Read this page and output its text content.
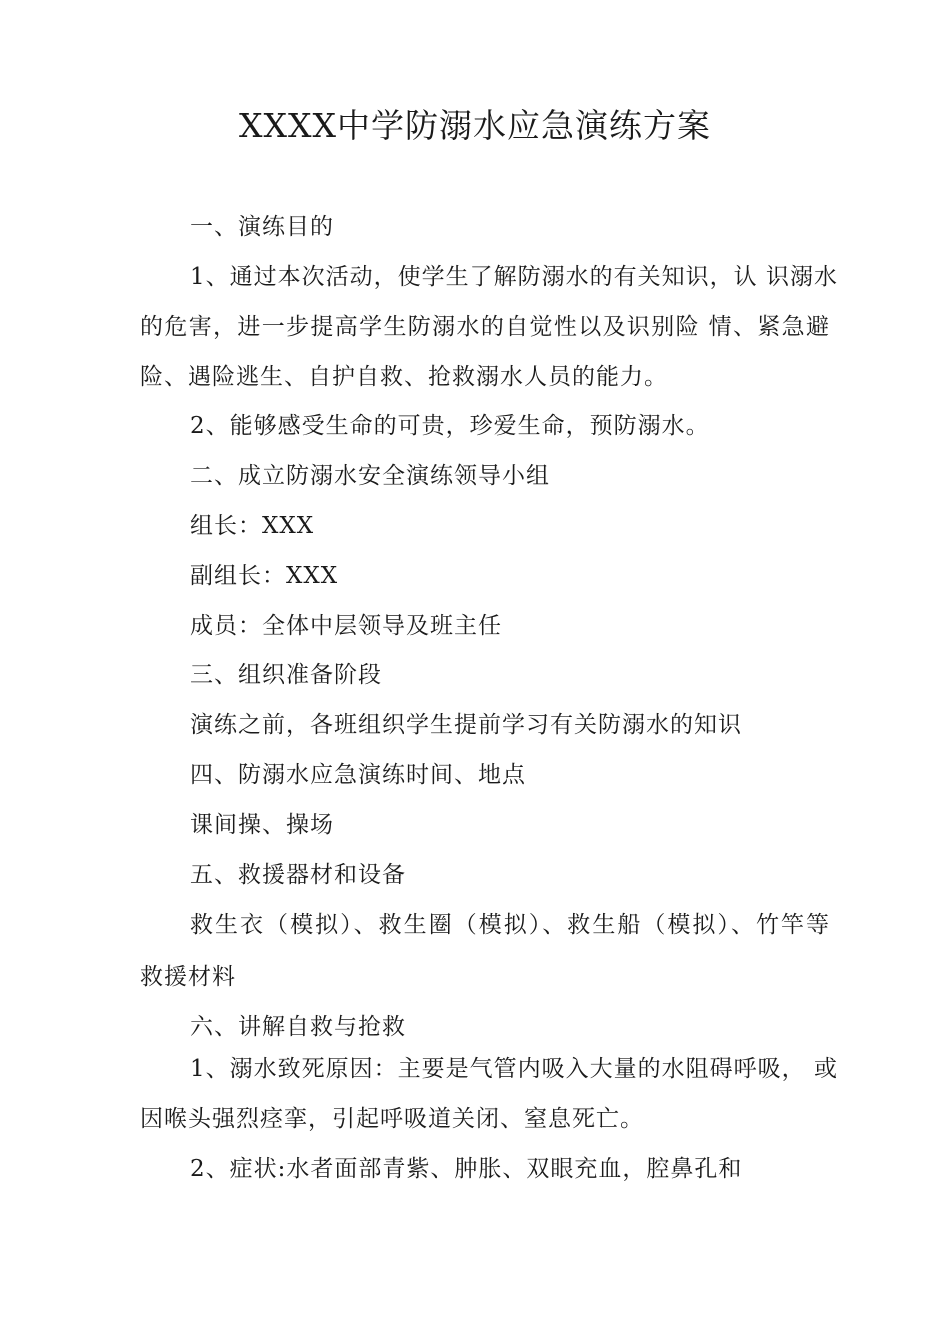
XXXX中学防溺水应急演练方案
一、演练目的
1、通过本次活动，使学生了解防溺水的有关知识，认 识溺水
的危害，进一步提高学生防溺水的自觉性以及识别险 情、紧急避
险、遇险逃生、自护自救、抢救溺水人员的能力。
2、能够感受生命的可贵，珍爱生命，预防溺水。
二、成立防溺水安全演练领导小组
组长：XXX
副组长：XXX
成员：全体中层领导及班主任
三、组织准备阶段
演练之前，各班组织学生提前学习有关防溺水的知识
四、防溺水应急演练时间、地点
课间操、操场
五、救援器材和设备
救生衣（模拟）、救生圈（模拟）、救生船（模拟）、竹竿等
救援材料
六、讲解自救与抢救
1、溺水致死原因：主要是气管内吸入大量的水阻碍呼吸， 或
因喉头强烈痉挛，引起呼吸道关闭、窒息死亡。
2、症状:水者面部青紫、肿胀、双眼充血，腔鼻孔和
